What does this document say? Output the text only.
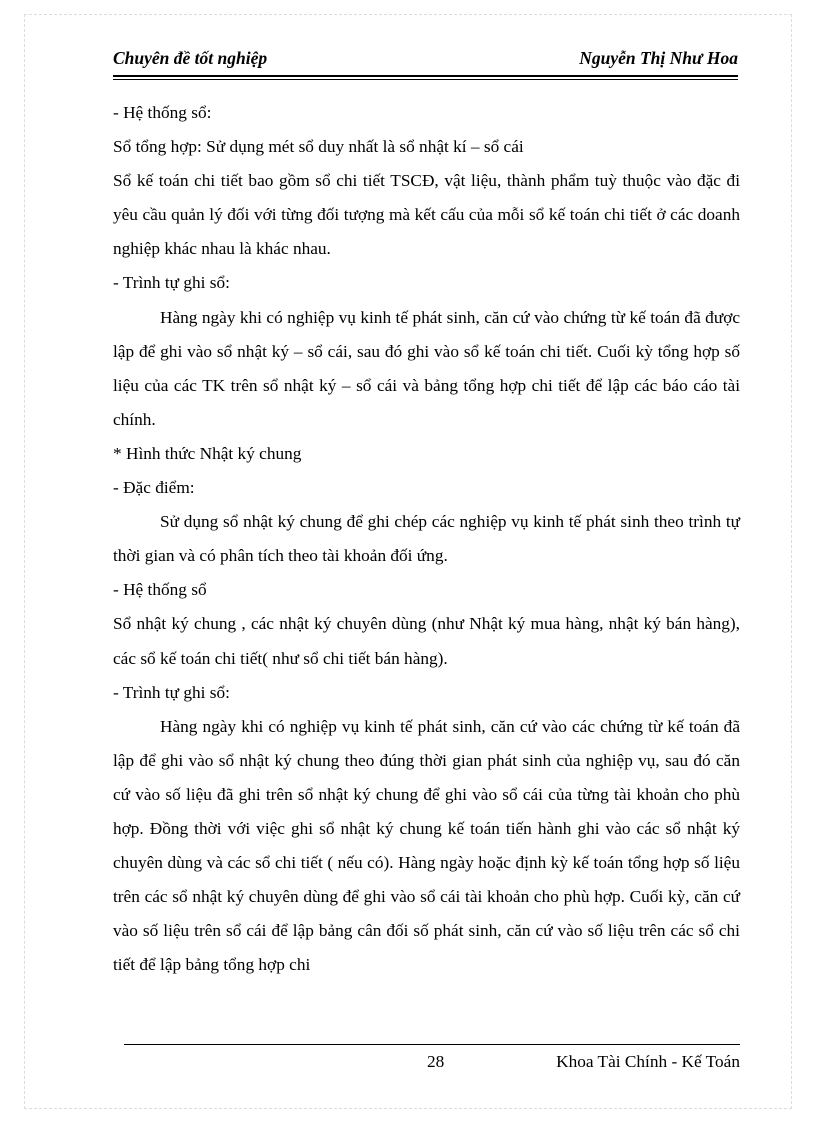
Chuyên đề tốt nghiệp	Nguyễn Thị Như Hoa

- Hệ thống sổ:

Sổ tổng hợp: Sử dụng mét sổ duy nhất là sổ nhật kí – sổ cái

Sổ kế toán chi tiết bao gồm sổ chi tiết TSCĐ, vật liệu, thành phẩm tuỳ thuộc vào đặc đi yêu cầu quản lý đối với từng đối tượng mà kết cấu của mỗi sổ kế toán chi tiết ở các doanh nghiệp khác nhau là khác nhau.

- Trình tự ghi sổ:

Hàng ngày khi có nghiệp vụ kinh tế phát sinh, căn cứ vào chứng từ kế toán đã được lập để ghi vào sổ nhật ký – sổ cái, sau đó ghi vào sổ kế toán chi tiết. Cuối kỳ tổng hợp số liệu của các TK trên sổ nhật ký – sổ cái và bảng tổng hợp chi tiết để lập các báo cáo tài chính.

* Hình thức Nhật ký chung

- Đặc điểm:

Sử dụng sổ nhật ký chung để ghi chép các nghiệp vụ kinh tế phát sinh theo trình tự thời gian và có phân tích theo tài khoản đối ứng.

- Hệ thống sổ

Sổ nhật ký chung , các nhật ký chuyên dùng (như Nhật ký mua hàng, nhật ký bán hàng), các sổ kế toán chi tiết( như sổ chi tiết bán hàng).

- Trình tự ghi sổ:

Hàng ngày khi có nghiệp vụ kinh tế phát sinh, căn cứ vào các chứng từ kế toán đã lập để ghi vào sổ nhật ký chung theo đúng thời gian phát sinh của nghiệp vụ, sau đó căn cứ vào số liệu đã ghi trên sổ nhật ký chung để ghi vào sổ cái của từng tài khoản cho phù hợp. Đồng thời với việc ghi sổ nhật ký chung kế toán tiến hành ghi vào các sổ nhật ký chuyên dùng và các sổ chi tiết ( nếu có). Hàng ngày hoặc định kỳ kế toán tổng hợp số liệu trên các sổ nhật ký chuyên dùng để ghi vào sổ cái tài khoản cho phù hợp. Cuối kỳ, căn cứ vào số liệu trên sổ cái để lập bảng cân đối số phát sinh, căn cứ vào số liệu trên các sổ chi tiết để lập bảng tổng hợp chi

28	Khoa Tài Chính - Kế Toán
